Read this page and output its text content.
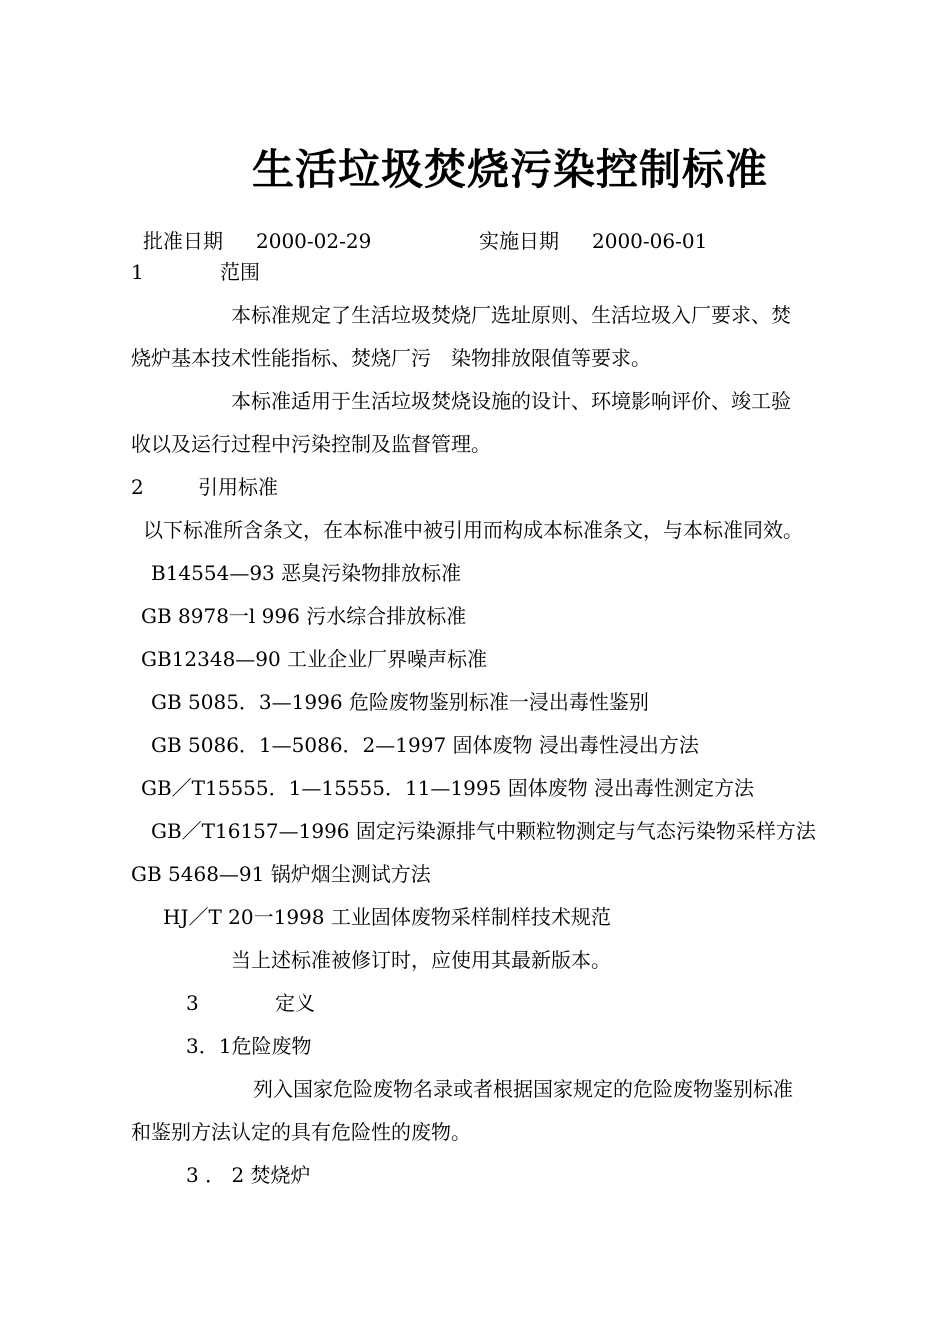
生活垃圾焚烧污染控制标准
批准日期 2000-02-29	实施日期 2000-06-01
1	范围
本标准规定了生活垃圾焚烧厂选址原则、生活垃圾入厂要求、焚
烧炉基本技术性能指标、焚烧厂污　染物排放限值等要求。
本标准适用于生活垃圾焚烧设施的设计、环境影响评价、竣工验
收以及运行过程中污染控制及监督管理。
2	引用标准
以下标准所含条文，在本标准中被引用而构成本标准条文，与本标准同效。
B14554—93 恶臭污染物排放标准
GB 8978一l 996 污水综合排放标准
GB12348—90 工业企业厂界噪声标准
GB 5085．3—1996 危险废物鉴别标准一浸出毒性鉴别
GB 5086．1—5086．2—1997 固体废物 浸出毒性浸出方法
GB／T15555．1—15555．11—1995 固体废物 浸出毒性测定方法
GB／T16157—1996 固定污染源排气中颗粒物测定与气态污染物采样方法
GB 5468—91 锅炉烟尘测试方法
HJ／T 20一1998 工业固体废物采样制样技术规范
当上述标准被修订时，应使用其最新版本。
3	定义
3．1危险废物
列入国家危险废物名录或者根据国家规定的危险废物鉴别标准
和鉴别方法认定的具有危险性的废物。
3 ． 2 焚烧炉
